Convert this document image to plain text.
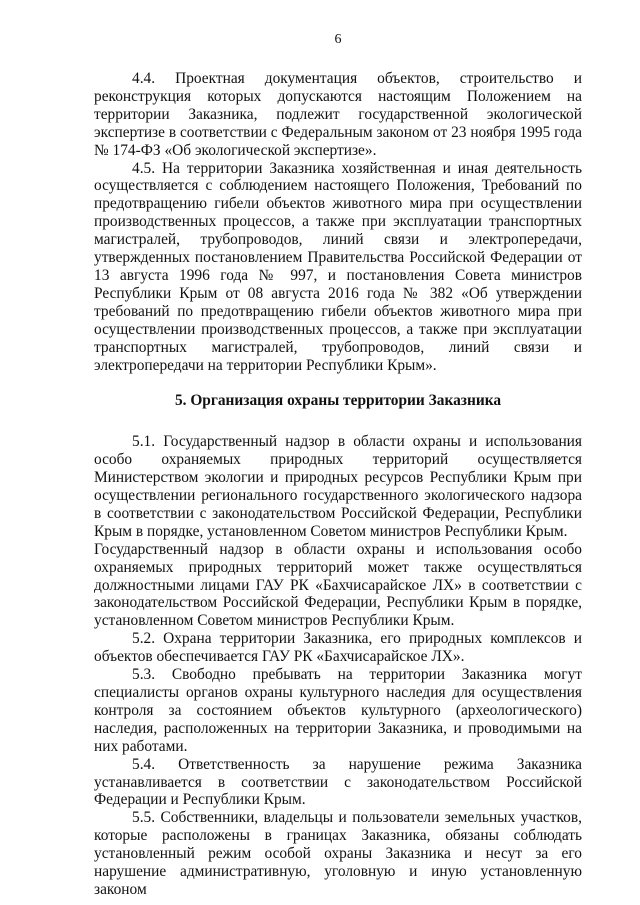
6

4.4. Проектная документация объектов, строительство и реконструкция которых допускаются настоящим Положением на территории Заказника, подлежит государственной экологической экспертизе в соответствии с Федеральным законом от 23 ноября 1995 года № 174-ФЗ «Об экологической экспертизе».

4.5. На территории Заказника хозяйственная и иная деятельность осуществляется с соблюдением настоящего Положения, Требований по предотвращению гибели объектов животного мира при осуществлении производственных процессов, а также при эксплуатации транспортных магистралей, трубопроводов, линий связи и электропередачи, утвержденных постановлением Правительства Российской Федерации от 13 августа 1996 года № 997, и постановления Совета министров Республики Крым от 08 августа 2016 года № 382 «Об утверждении требований по предотвращению гибели объектов животного мира при осуществлении производственных процессов, а также при эксплуатации транспортных магистралей, трубопроводов, линий связи и электропередачи на территории Республики Крым».

5. Организация охраны территории Заказника

5.1. Государственный надзор в области охраны и использования особо охраняемых природных территорий осуществляется Министерством экологии и природных ресурсов Республики Крым при осуществлении регионального государственного экологического надзора в соответствии с законодательством Российской Федерации, Республики Крым в порядке, установленном Советом министров Республики Крым.

Государственный надзор в области охраны и использования особо охраняемых природных территорий может также осуществляться должностными лицами ГАУ РК «Бахчисарайское ЛХ» в соответствии с законодательством Российской Федерации, Республики Крым в порядке, установленном Советом министров Республики Крым.

5.2. Охрана территории Заказника, его природных комплексов и объектов обеспечивается ГАУ РК «Бахчисарайское ЛХ».

5.3. Свободно пребывать на территории Заказника могут специалисты органов охраны культурного наследия для осуществления контроля за состоянием объектов культурного (археологического) наследия, расположенных на территории Заказника, и проводимыми на них работами.

5.4. Ответственность за нарушение режима Заказника устанавливается в соответствии с законодательством Российской Федерации и Республики Крым.

5.5. Собственники, владельцы и пользователи земельных участков, которые расположены в границах Заказника, обязаны соблюдать установленный режим особой охраны Заказника и несут за его нарушение административную, уголовную и иную установленную законом
